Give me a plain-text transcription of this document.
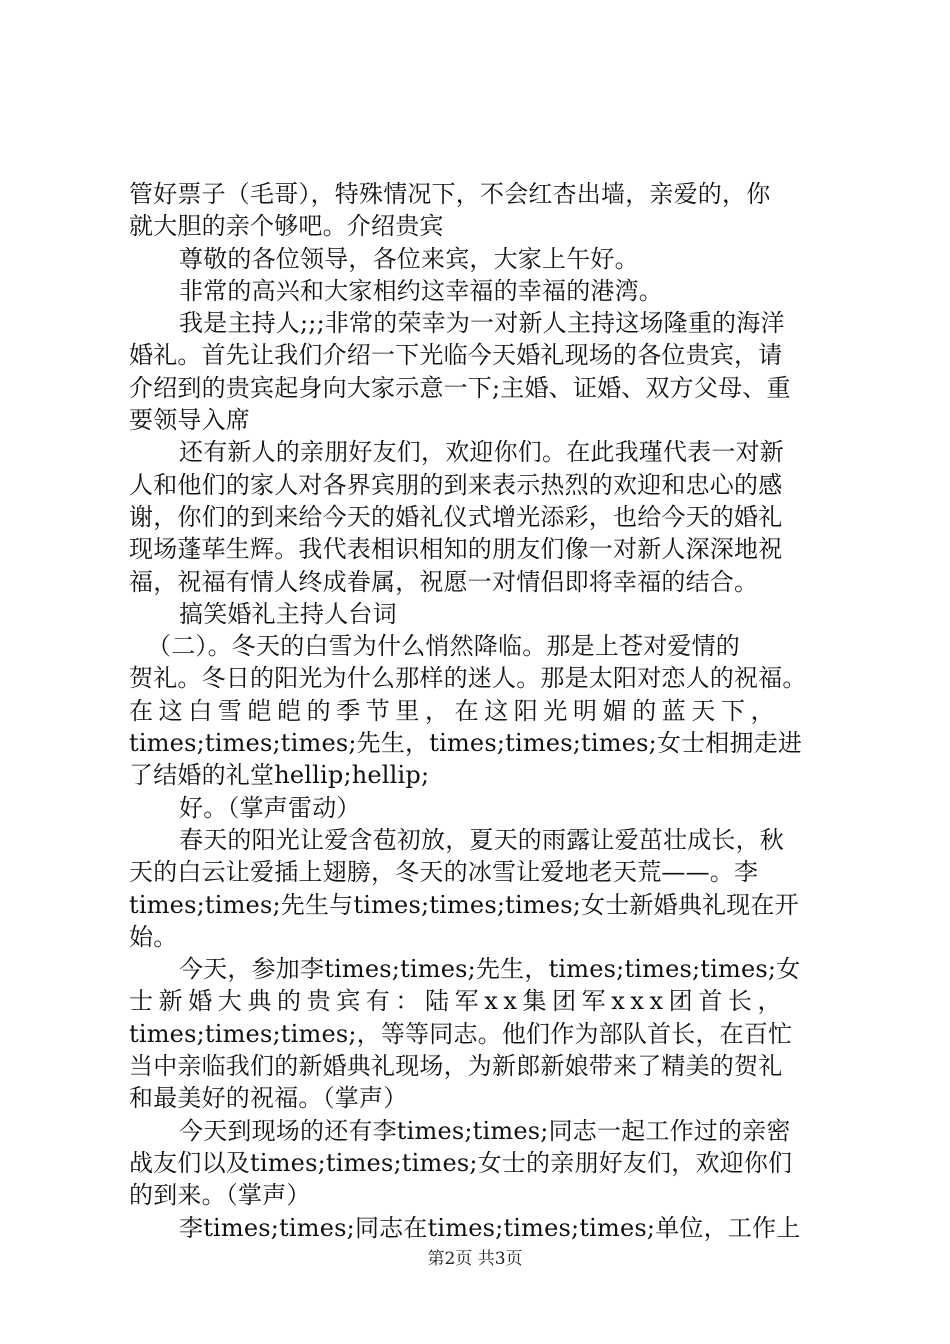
管好票子（毛哥），特殊情况下，不会红杏出墙，亲爱的，你
就大胆的亲个够吧。介绍贵宾
尊敬的各位领导，各位来宾，大家上午好。
非常的高兴和大家相约这幸福的幸福的港湾。
我是主持人;;;非常的荣幸为一对新人主持这场隆重的海洋
婚礼。首先让我们介绍一下光临今天婚礼现场的各位贵宾，请
介绍到的贵宾起身向大家示意一下;主婚、证婚、双方父母、重
要领导入席
还有新人的亲朋好友们，欢迎你们。在此我瑾代表一对新
人和他们的家人对各界宾朋的到来表示热烈的欢迎和忠心的感
谢，你们的到来给今天的婚礼仪式增光添彩，也给今天的婚礼
现场蓬荜生辉。我代表相识相知的朋友们像一对新人深深地祝
福，祝福有情人终成眷属，祝愿一对情侣即将幸福的结合。
搞笑婚礼主持人台词
（二）。冬天的白雪为什么悄然降临。那是上苍对爱情的
贺礼。冬日的阳光为什么那样的迷人。那是太阳对恋人的祝福。
在这白雪皑皑的季节里，在这阳光明媚的蓝天下，
times;times;times;先生，times;times;times;女士相拥走进
了结婚的礼堂hellip;hellip;
好。（掌声雷动）
春天的阳光让爱含苞初放，夏天的雨露让爱茁壮成长，秋
天的白云让爱插上翅膀，冬天的冰雪让爱地老天荒——。李
times;times;先生与times;times;times;女士新婚典礼现在开
始。
今天，参加李times;times;先生，times;times;times;女
士新婚大典的贵宾有：陆军xx集团军xxx团首长，
times;times;times;，等等同志。他们作为部队首长，在百忙
当中亲临我们的新婚典礼现场，为新郎新娘带来了精美的贺礼
和最美好的祝福。（掌声）
今天到现场的还有李times;times;同志一起工作过的亲密
战友们以及times;times;times;女士的亲朋好友们，欢迎你们
的到来。（掌声）
李times;times;同志在times;times;times;单位，工作上
第2页 共3页
